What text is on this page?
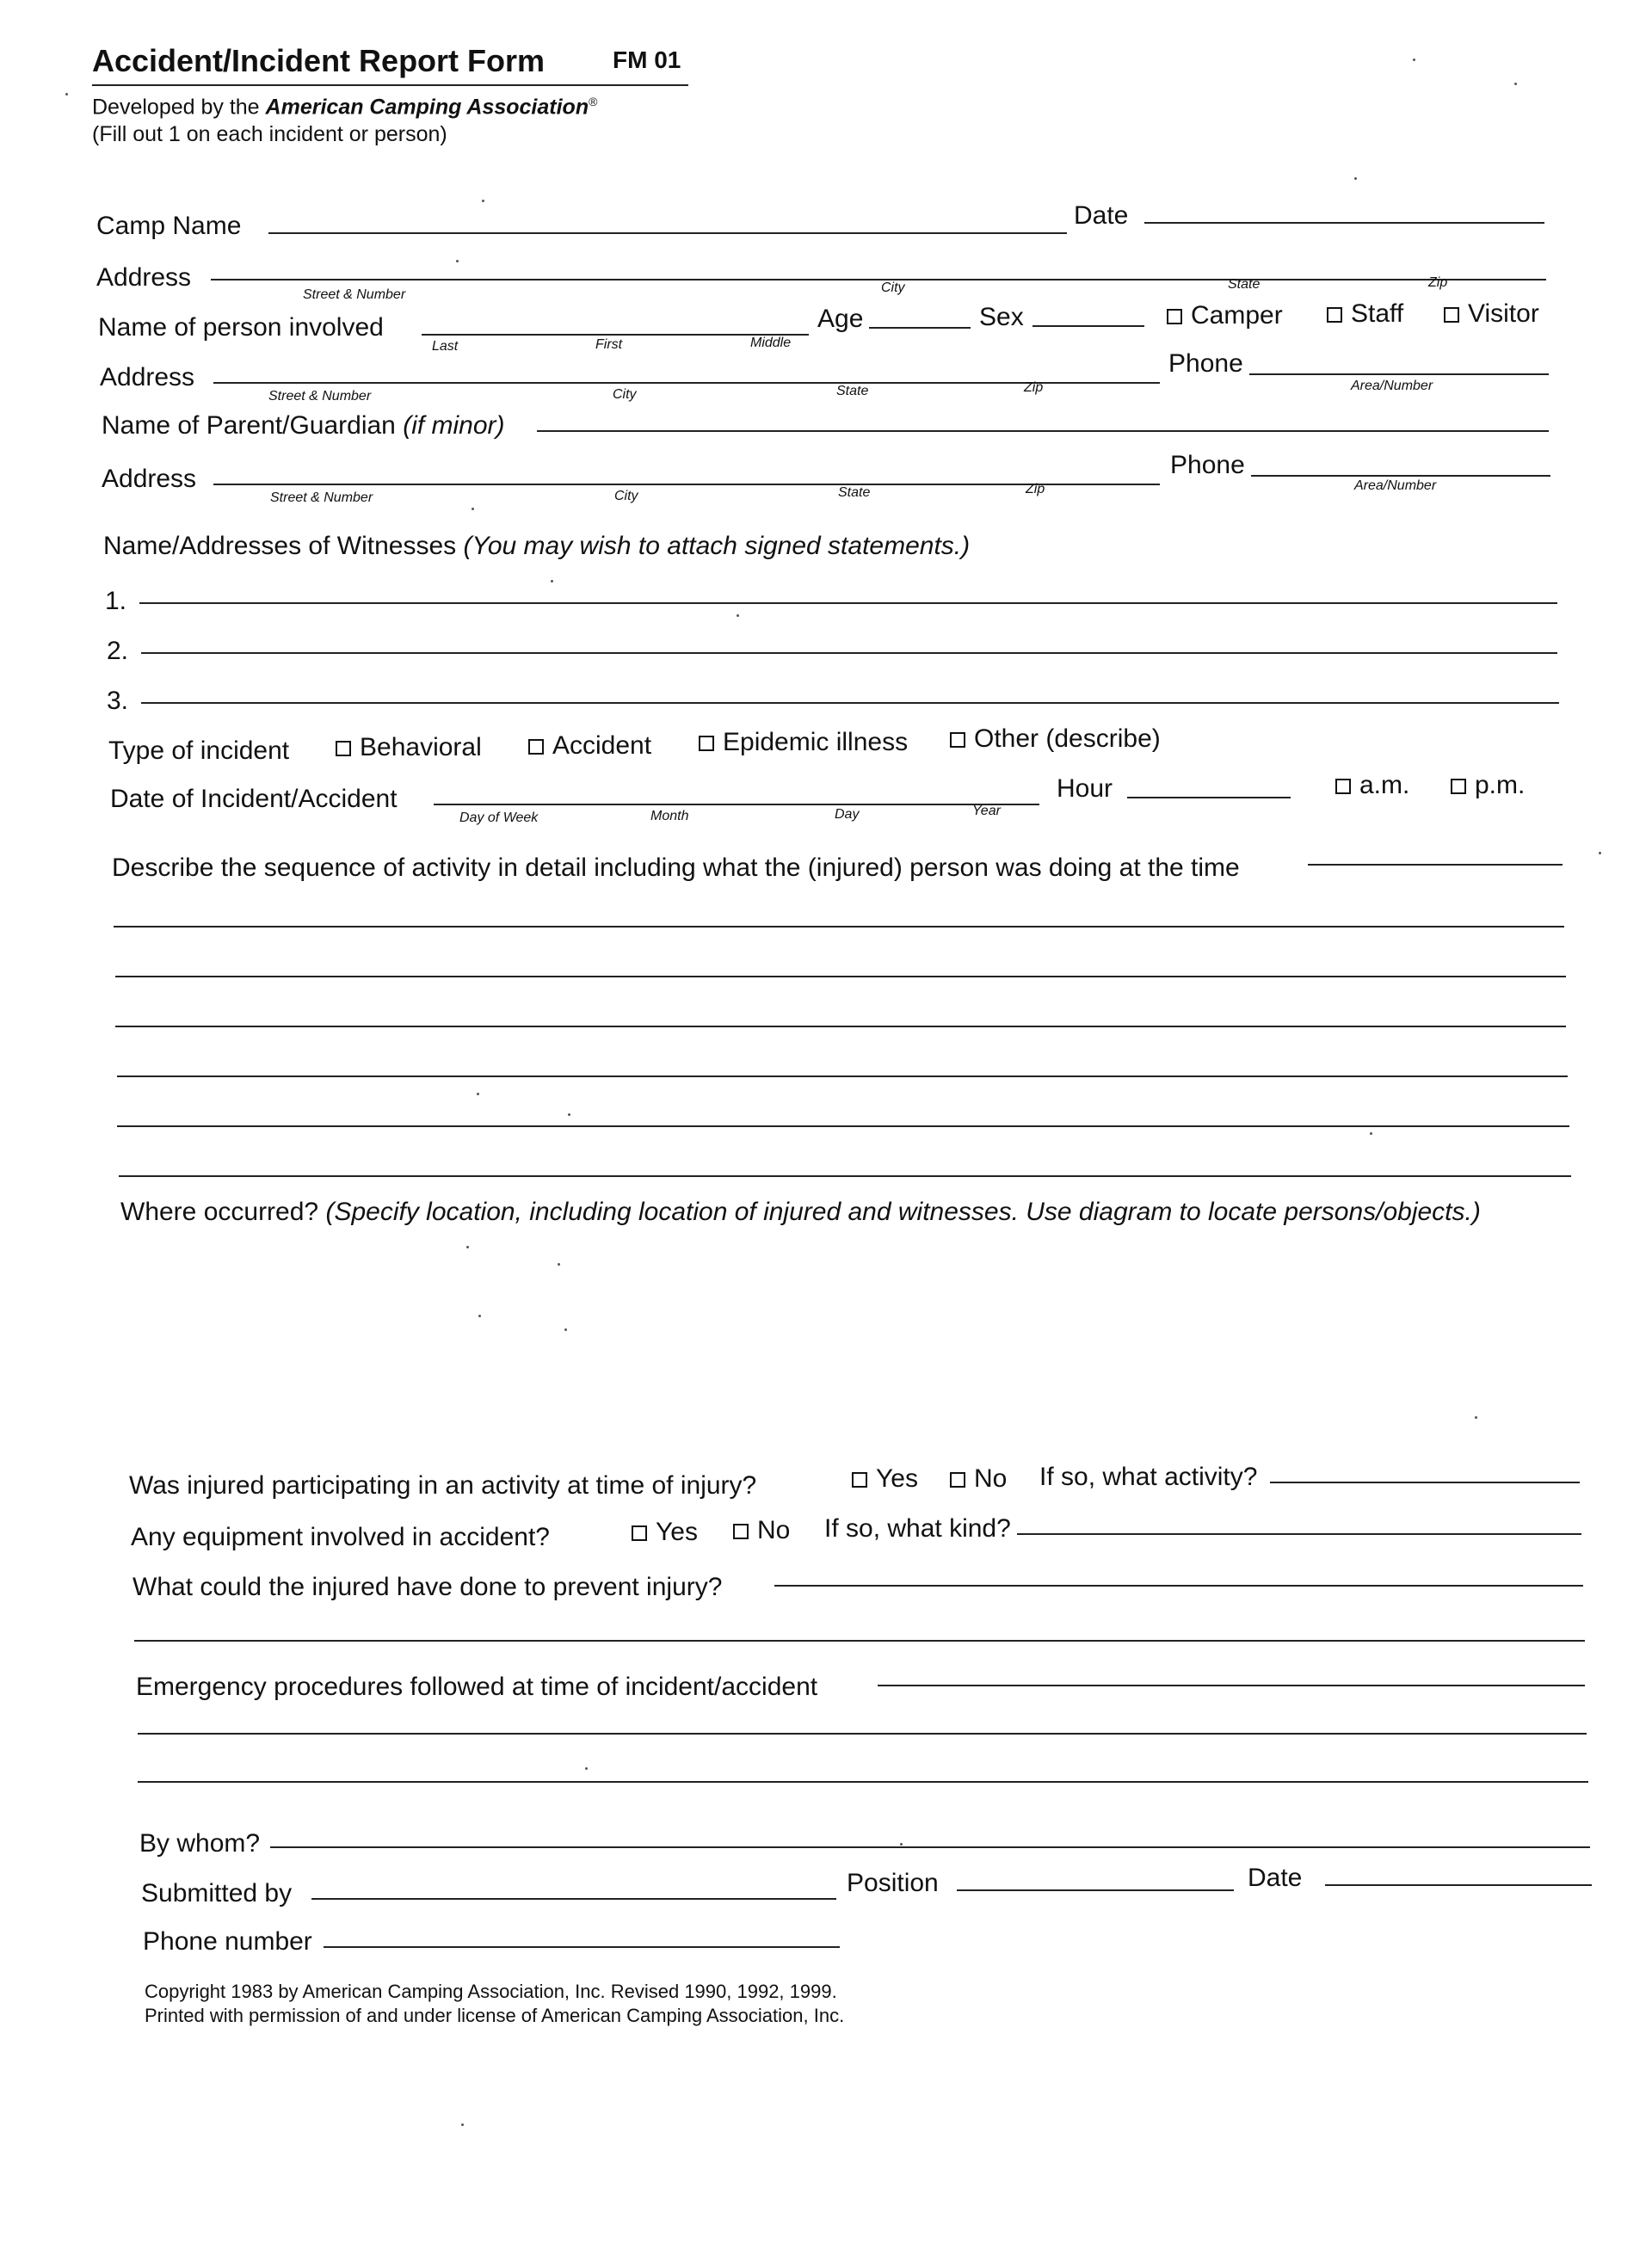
Accident/Incident Report Form	FM 01
Developed by the American Camping Association®
(Fill out 1 on each incident or person)
Camp Name	Date
Address
Street & Number	City	State	Zip
Name of person involved
Last	First	Middle
Age	Sex	Camper	Staff	Visitor
Address
Street & Number	City	State	Zip
Phone
Area/Number
Name of Parent/Guardian (if minor)
Address
Street & Number	City	State	Zip
Phone
Area/Number
Name/Addresses of Witnesses (You may wish to attach signed statements.)
1.
2.
3.
Type of incident	Behavioral	Accident	Epidemic illness	Other (describe)
Date of Incident/Accident
Day of Week	Month	Day	Year
Hour	a.m.	p.m.
Describe the sequence of activity in detail including what the (injured) person was doing at the time
Where occurred? (Specify location, including location of injured and witnesses. Use diagram to locate persons/objects.)
Was injured participating in an activity at time of injury?	Yes	No If so, what activity?
Any equipment involved in accident?	Yes	No If so, what kind?
What could the injured have done to prevent injury?
Emergency procedures followed at time of incident/accident
By whom?
Submitted by	Position	Date
Phone number
Copyright 1983 by American Camping Association, Inc. Revised 1990, 1992, 1999.
Printed with permission of and under license of American Camping Association, Inc.
